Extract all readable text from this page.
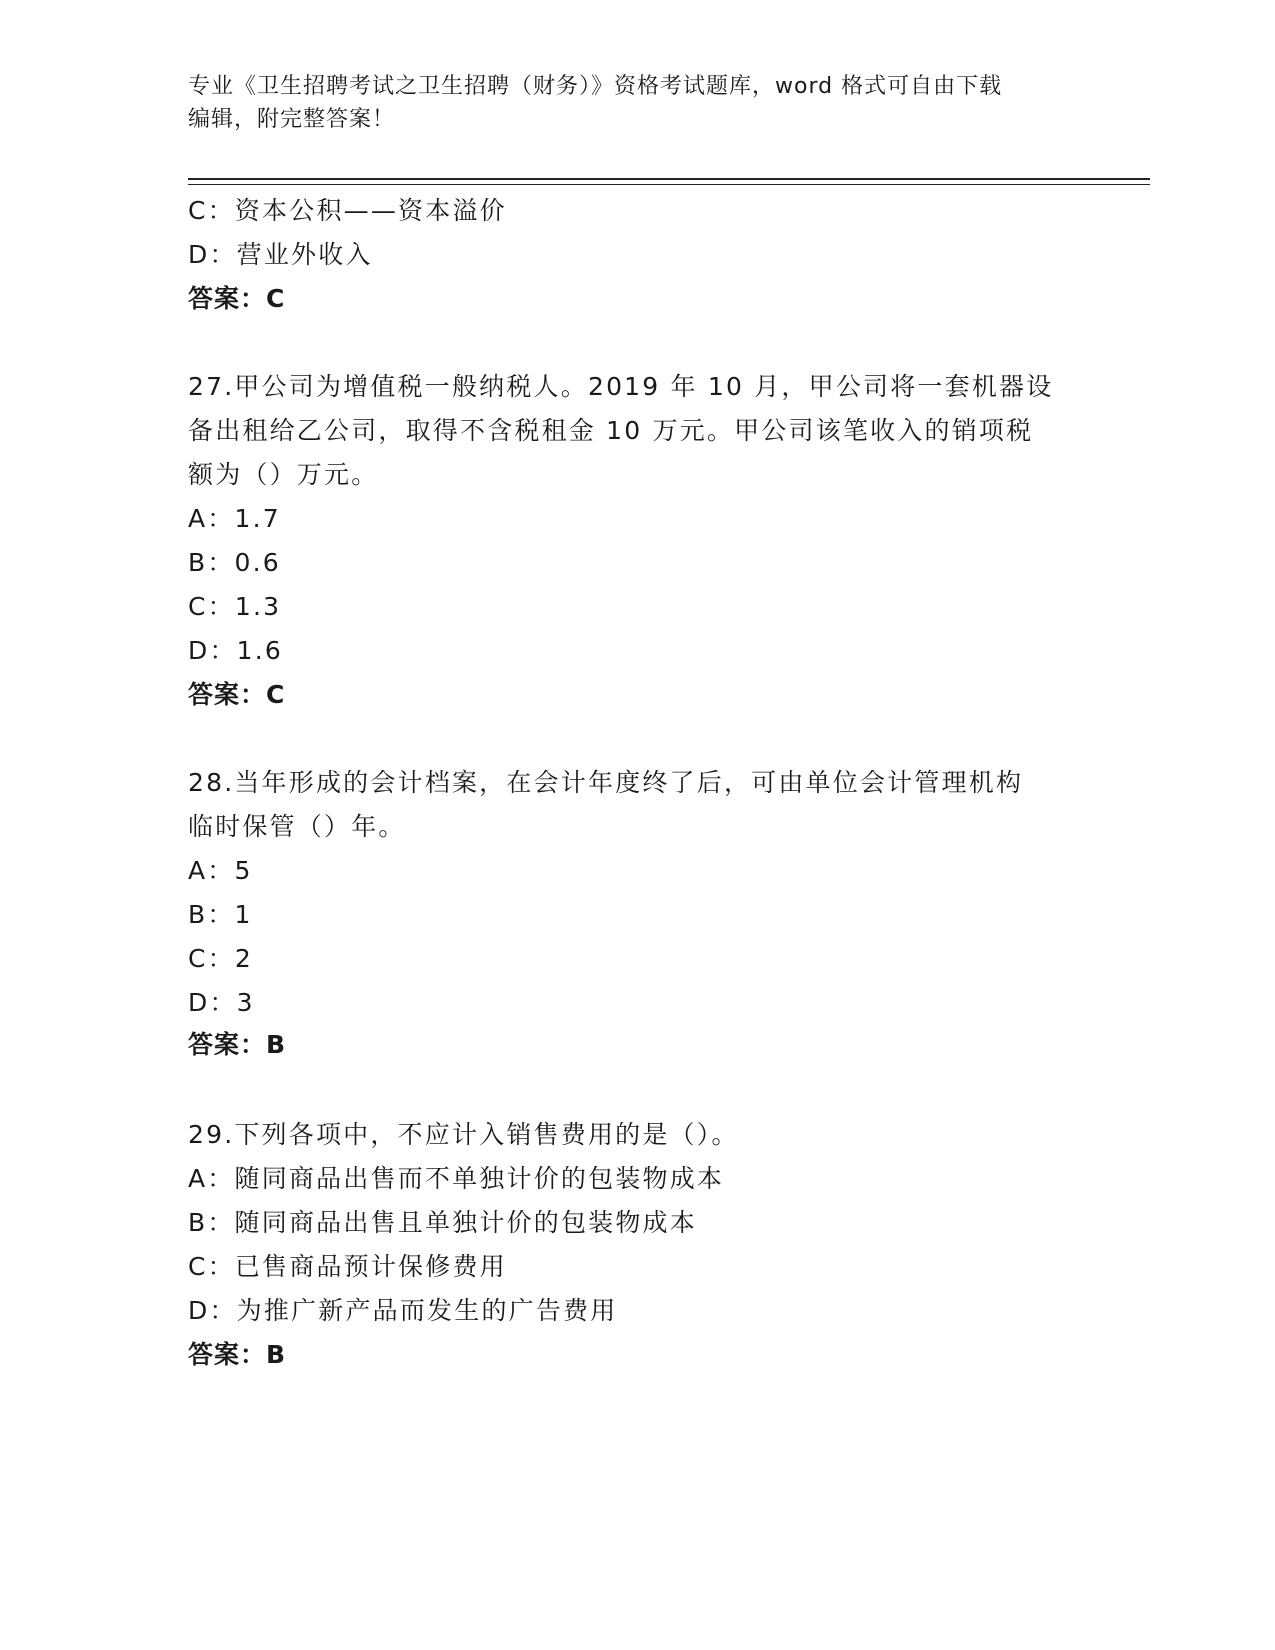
专业《卫生招聘考试之卫生招聘（财务）》资格考试题库，word 格式可自由下载
编辑，附完整答案！
C：资本公积——资本溢价
D：营业外收入
答案：C
27.甲公司为增值税一般纳税人。2019 年 10 月，甲公司将一套机器设
备出租给乙公司，取得不含税租金 10 万元。甲公司该笔收入的销项税
额为（）万元。
A：1.7
B：0.6
C：1.3
D：1.6
答案：C
28.当年形成的会计档案，在会计年度终了后，可由单位会计管理机构
临时保管（）年。
A：5
B：1
C：2
D：3
答案：B
29.下列各项中，不应计入销售费用的是（）。
A：随同商品出售而不单独计价的包装物成本
B：随同商品出售且单独计价的包装物成本
C：已售商品预计保修费用
D：为推广新产品而发生的广告费用
答案：B
